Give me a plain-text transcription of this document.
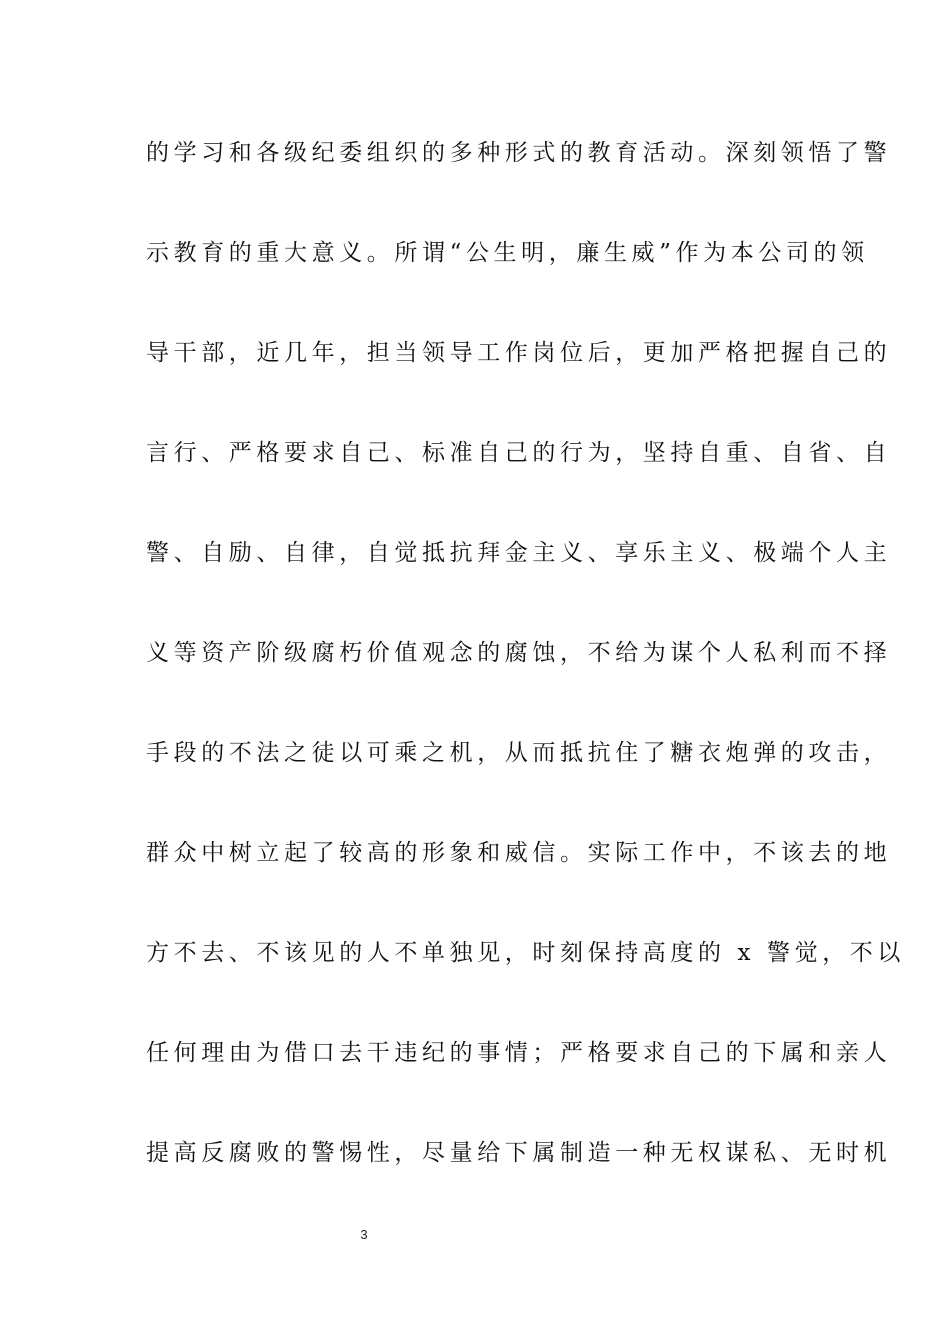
的学习和各级纪委组织的多种形式的教育活动。深刻领悟了警
示教育的重大意义。所谓“公生明，廉生威”作为本公司的领
导干部，近几年，担当领导工作岗位后，更加严格把握自己的
言行、严格要求自己、标准自己的行为，坚持自重、自省、自
警、自励、自律，自觉抵抗拜金主义、享乐主义、极端个人主
义等资产阶级腐朽价值观念的腐蚀，不给为谋个人私利而不择
手段的不法之徒以可乘之机，从而抵抗住了糖衣炮弹的攻击，
群众中树立起了较高的形象和威信。实际工作中，不该去的地
方不去、不该见的人不单独见，时刻保持高度的 x 警觉，不以
任何理由为借口去干违纪的事情；严格要求自己的下属和亲人
提高反腐败的警惕性，尽量给下属制造一种无权谋私、无时机
3
